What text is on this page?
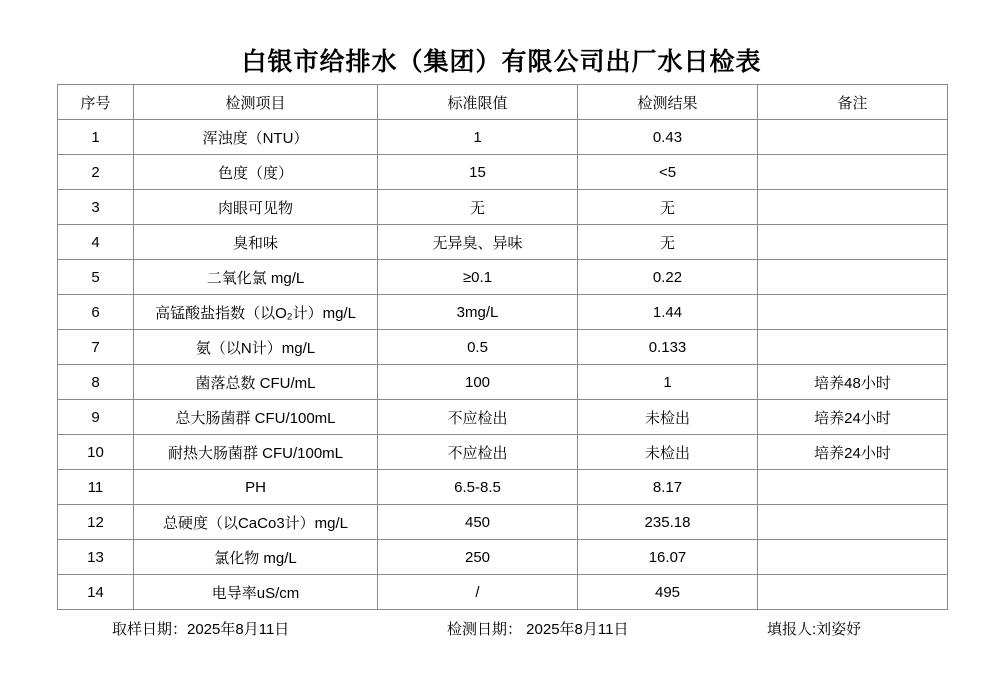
白银市给排水（集团）有限公司出厂水日检表
序号	检测项目	标准限值	检测结果	备注
1	浑浊度（NTU）	1	0.43	
2	色度（度）	15	<5	
3	肉眼可见物	无	无	
4	臭和味	无异臭、异味	无	
5	二氧化氯 mg/L	≥0.1	0.22	
6	高锰酸盐指数（以O₂计）mg/L	3mg/L	1.44	
7	氨（以N计）mg/L	0.5	0.133	
8	菌落总数 CFU/mL	100	1	培养48小时
9	总大肠菌群 CFU/100mL	不应检出	未检出	培养24小时
10	耐热大肠菌群 CFU/100mL	不应检出	未检出	培养24小时
11	PH	6.5-8.5	8.17	
12	总硬度（以CaCo3计）mg/L	450	235.18	
13	氯化物 mg/L	250	16.07	
14	电导率uS/cm	/	495	
取样日期：2025年8月11日	检测日期： 2025年8月11日	填报人:刘姿妤
